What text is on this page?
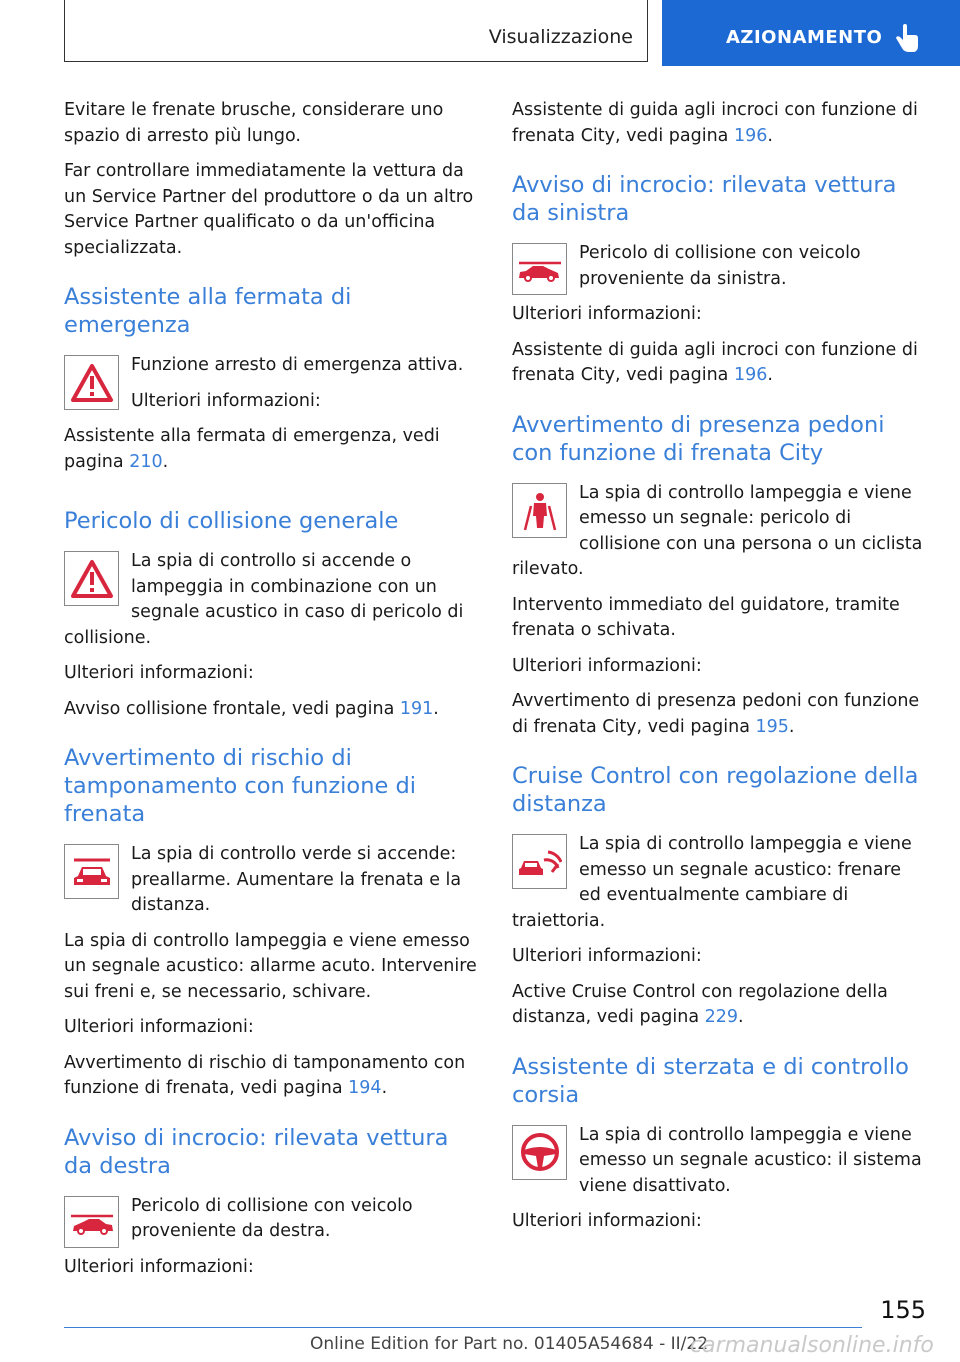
Visualizzazione	AZIONAMENTO

Evitare le frenate brusche, considerare uno spazio di arresto più lungo.

Far controllare immediatamente la vettura da un Service Partner del produttore o da un altro Service Partner qualificato o da un'officina specializzata.

Assistente alla fermata di emergenza

Funzione arresto di emergenza attiva.

Ulteriori informazioni:

Assistente alla fermata di emergenza, vedi pagina 210.

Pericolo di collisione generale

La spia di controllo si accende o lampeggia in combinazione con un segnale acustico in caso di pericolo di collisione.

Ulteriori informazioni:

Avviso collisione frontale, vedi pagina 191.

Avvertimento di rischio di tamponamento con funzione di frenata

La spia di controllo verde si accende: preallarme. Aumentare la frenata e la distanza.

La spia di controllo lampeggia e viene emesso un segnale acustico: allarme acuto. Intervenire sui freni e, se necessario, schivare.

Ulteriori informazioni:

Avvertimento di rischio di tamponamento con funzione di frenata, vedi pagina 194.

Avviso di incrocio: rilevata vettura da destra

Pericolo di collisione con veicolo proveniente da destra.

Ulteriori informazioni:

Assistente di guida agli incroci con funzione di frenata City, vedi pagina 196.

Avviso di incrocio: rilevata vettura da sinistra

Pericolo di collisione con veicolo proveniente da sinistra.

Ulteriori informazioni:

Assistente di guida agli incroci con funzione di frenata City, vedi pagina 196.

Avvertimento di presenza pedoni con funzione di frenata City

La spia di controllo lampeggia e viene emesso un segnale: pericolo di collisione con una persona o un ciclista rilevato.

Intervento immediato del guidatore, tramite frenata o schivata.

Ulteriori informazioni:

Avvertimento di presenza pedoni con funzione di frenata City, vedi pagina 195.

Cruise Control con regolazione della distanza

La spia di controllo lampeggia e viene emesso un segnale acustico: frenare ed eventualmente cambiare di traiettoria.

Ulteriori informazioni:

Active Cruise Control con regolazione della distanza, vedi pagina 229.

Assistente di sterzata e di controllo corsia

La spia di controllo lampeggia e viene emesso un segnale acustico: il sistema viene disattivato.

Ulteriori informazioni:

155
Online Edition for Part no. 01405A54684 - II/22
carmanualsonline.info
